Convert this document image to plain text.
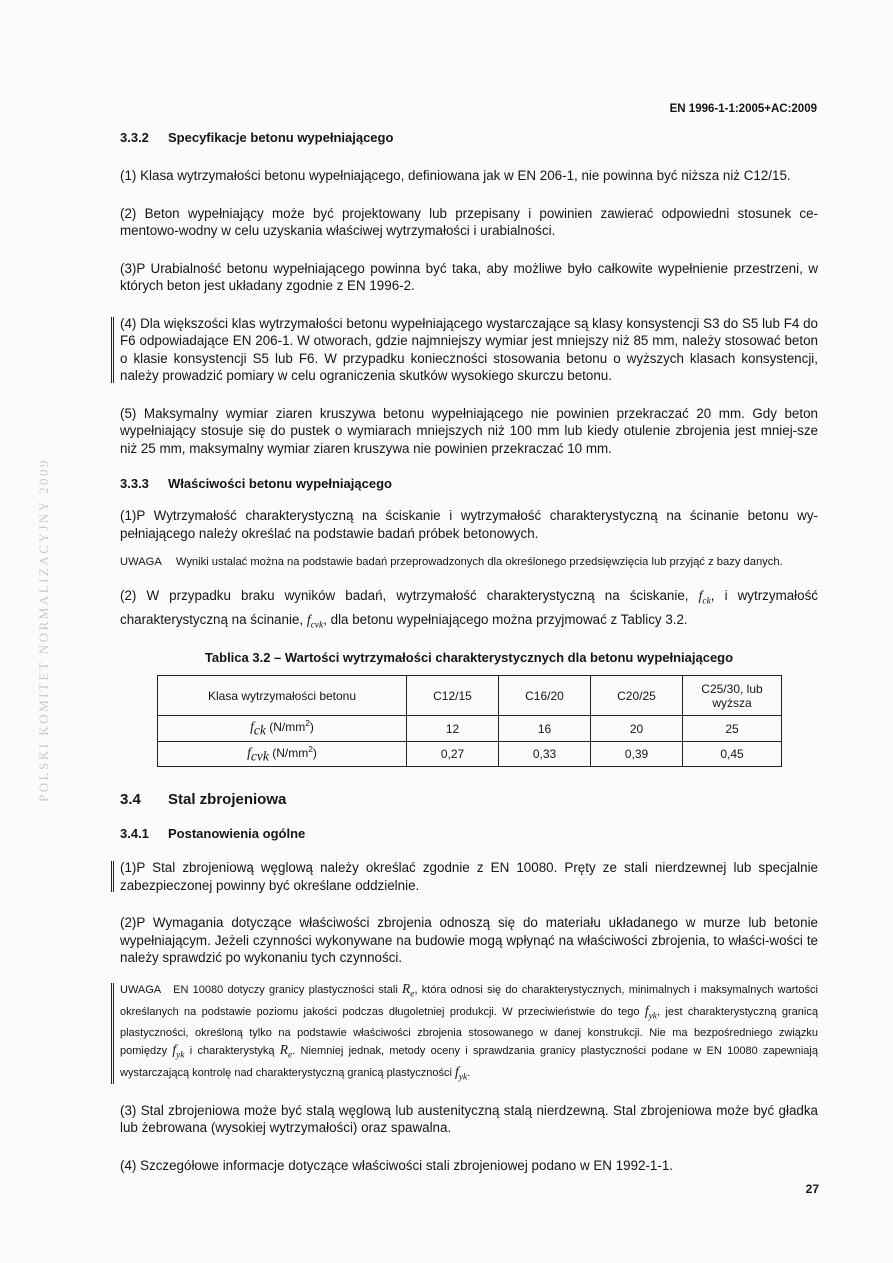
POLSKI KOMITET NORMALIZACYJNY 2009
EN 1996-1-1:2005+AC:2009
3.3.2 Specyfikacje betonu wypełniającego

(1) Klasa wytrzymałości betonu wypełniającego, definiowana jak w EN 206-1, nie powinna być niższa niż C12/15.

(2) Beton wypełniający może być projektowany lub przepisany i powinien zawierać odpowiedni stosunek ce-mentowo-wodny w celu uzyskania właściwej wytrzymałości i urabialności.

(3)P Urabialność betonu wypełniającego powinna być taka, aby możliwe było całkowite wypełnienie przestrzeni, w których beton jest układany zgodnie z EN 1996-2.

(4) Dla większości klas wytrzymałości betonu wypełniającego wystarczające są klasy konsystencji S3 do S5 lub F4 do F6 odpowiadające EN 206-1. W otworach, gdzie najmniejszy wymiar jest mniejszy niż 85 mm, należy stosować beton o klasie konsystencji S5 lub F6. W przypadku konieczności stosowania betonu o wyższych klasach konsystencji, należy prowadzić pomiary w celu ograniczenia skutków wysokiego skurczu betonu.

(5) Maksymalny wymiar ziaren kruszywa betonu wypełniającego nie powinien przekraczać 20 mm. Gdy beton wypełniający stosuje się do pustek o wymiarach mniejszych niż 100 mm lub kiedy otulenie zbrojenia jest mniej-sze niż 25 mm, maksymalny wymiar ziaren kruszywa nie powinien przekraczać 10 mm.

3.3.3 Właściwości betonu wypełniającego

(1)P Wytrzymałość charakterystyczną na ściskanie i wytrzymałość charakterystyczną na ścinanie betonu wy-pełniającego należy określać na podstawie badań próbek betonowych.

UWAGA Wyniki ustalać można na podstawie badań przeprowadzonych dla określonego przedsięwzięcia lub przyjąć z bazy danych.

(2) W przypadku braku wyników badań, wytrzymałość charakterystyczną na ściskanie, $f_{ck}$, i wytrzymałość charakterystyczną na ścinanie, $f_{cvk}$, dla betonu wypełniającego można przyjmować z Tablicy 3.2.

Tablica 3.2 – Wartości wytrzymałości charakterystycznych dla betonu wypełniającego
Klasa wytrzymałości betonu	C12/15	C16/20	C20/25	C25/30, lub wyższa
$f_{ck}$ $(N/mm^2)$	12	16	20	25
$f_{cvk}$ $(N/mm^2)$	0,27	0,33	0,39	0,45
3.4 Stal zbrojeniowa
3.4.1 Postanowienia ogólne

(1)P Stal zbrojeniową węglową należy określać zgodnie z EN 10080. Pręty ze stali nierdzewnej lub specjalnie zabezpieczonej powinny być określane oddzielnie.

(2)P Wymagania dotyczące właściwości zbrojenia odnoszą się do materiału układanego w murze lub betonie wypełniającym. Jeżeli czynności wykonywane na budowie mogą wpłynąć na właściwości zbrojenia, to właści-wości te należy sprawdzić po wykonaniu tych czynności.

UWAGA EN 10080 dotyczy granicy plastyczności stali $R_e$, która odnosi się do charakterystycznych, minimalnych i maksymalnych wartości określanych na podstawie poziomu jakości podczas długoletniej produkcji. W przeciwieństwie do tego $f_{yk}$, jest charakterystyczną granicą plastyczności, określoną tylko na podstawie właściwości zbrojenia stosowanego w danej konstrukcji. Nie ma bezpośredniego związku pomiędzy $f_{yk}$ i charakterystyką $R_e$. Niemniej jednak, metody oceny i sprawdzania granicy plastyczności podane w EN 10080 zapewniają wystarczającą kontrolę nad charakterystyczną granicą plastyczności $f_{yk}$.

(3) Stal zbrojeniowa może być stalą węglową lub austenityczną stalą nierdzewną. Stal zbrojeniowa może być gładka lub żebrowana (wysokiej wytrzymałości) oraz spawalna.

(4) Szczegółowe informacje dotyczące właściwości stali zbrojeniowej podano w EN 1992-1-1.

27
